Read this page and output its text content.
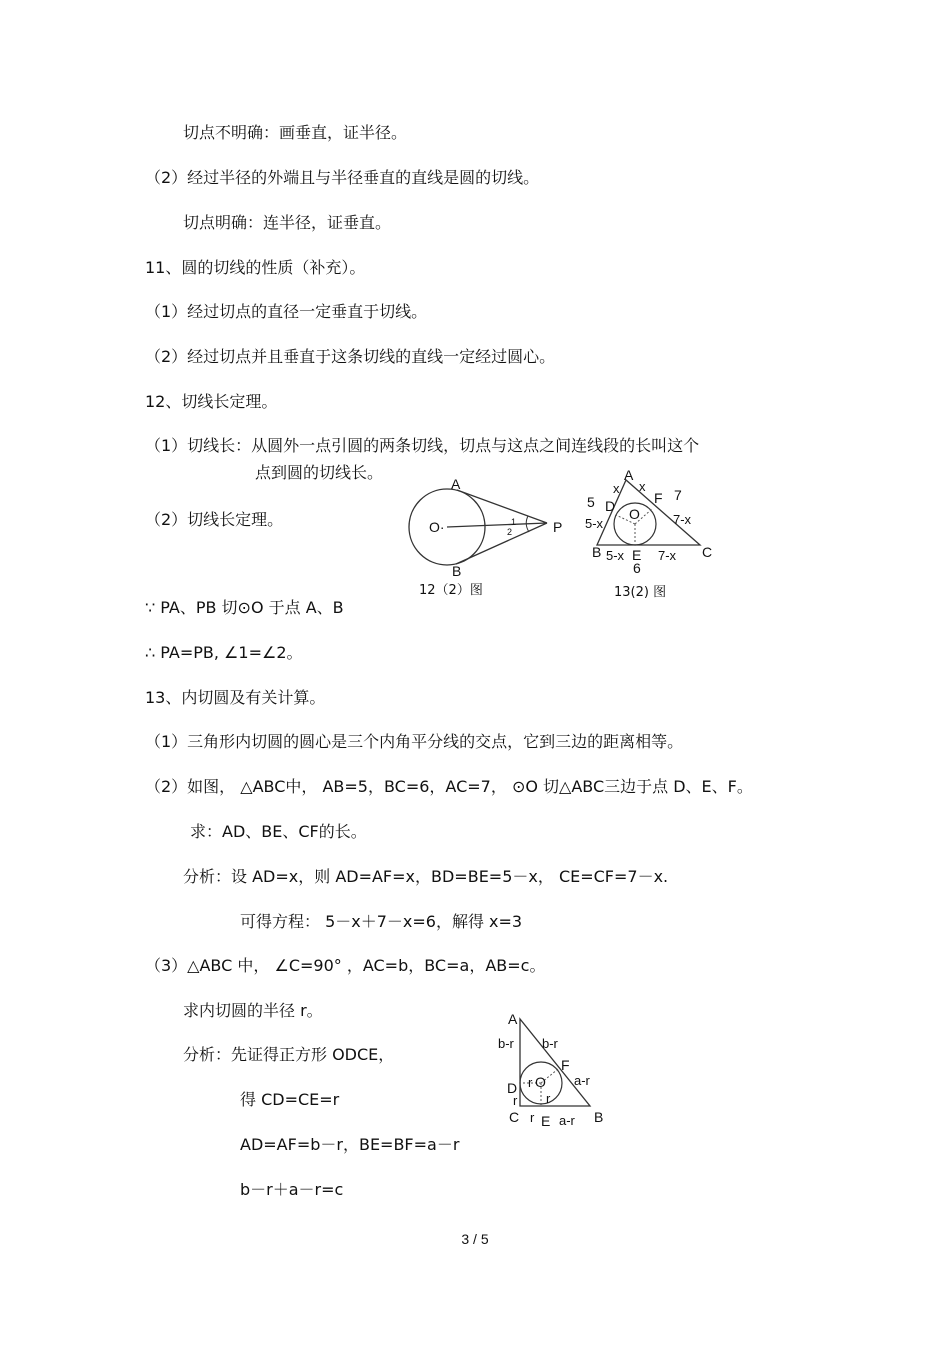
切点不明确：画垂直，证半径。
（2）经过半径的外端且与半径垂直的直线是圆的切线。
切点明确：连半径，证垂直。
11、圆的切线的性质（补充）。
（1）经过切点的直径一定垂直于切线。
（2）经过切点并且垂直于这条切线的直线一定经过圆心。
12、切线长定理。
（1）切线长：从圆外一点引圆的两条切线，切点与这点之间连线段的长叫这个
点到圆的切线长。
（2）切线长定理。
∵ PA、PB 切⊙O 于点 A、B
∴ PA=PB, ∠1=∠2。
13、内切圆及有关计算。
（1）三角形内切圆的圆心是三个内角平分线的交点，它到三边的距离相等。
（2）如图， △ABC中， AB=5，BC=6，AC=7， ⊙O 切△ABC三边于点 D、E、F。
求：AD、BE、CF的长。
分析：设 AD=x，则 AD=AF=x，BD=BE=5－x， CE=CF=7－x.
可得方程： 5－x＋7－x=6，解得 x=3
（3）△ABC 中， ∠C=90° ，AC=b，BC=a，AB=c。
求内切圆的半径 r。
分析：先证得正方形 ODCE，
得 CD=CE=r
AD=AF=b－r，BE=BF=a－r
b－r＋a－r=c
A
B
O·	P
1
2
12（2）图
A
B	C
D
E
F
O
x x
5	7
5-x	7-x
5-x	7-x
6
13(2) 图
A
C	B
D
E
F
O
b-r b-r
a-r
a-r
r
r
r
r
3 / 5
